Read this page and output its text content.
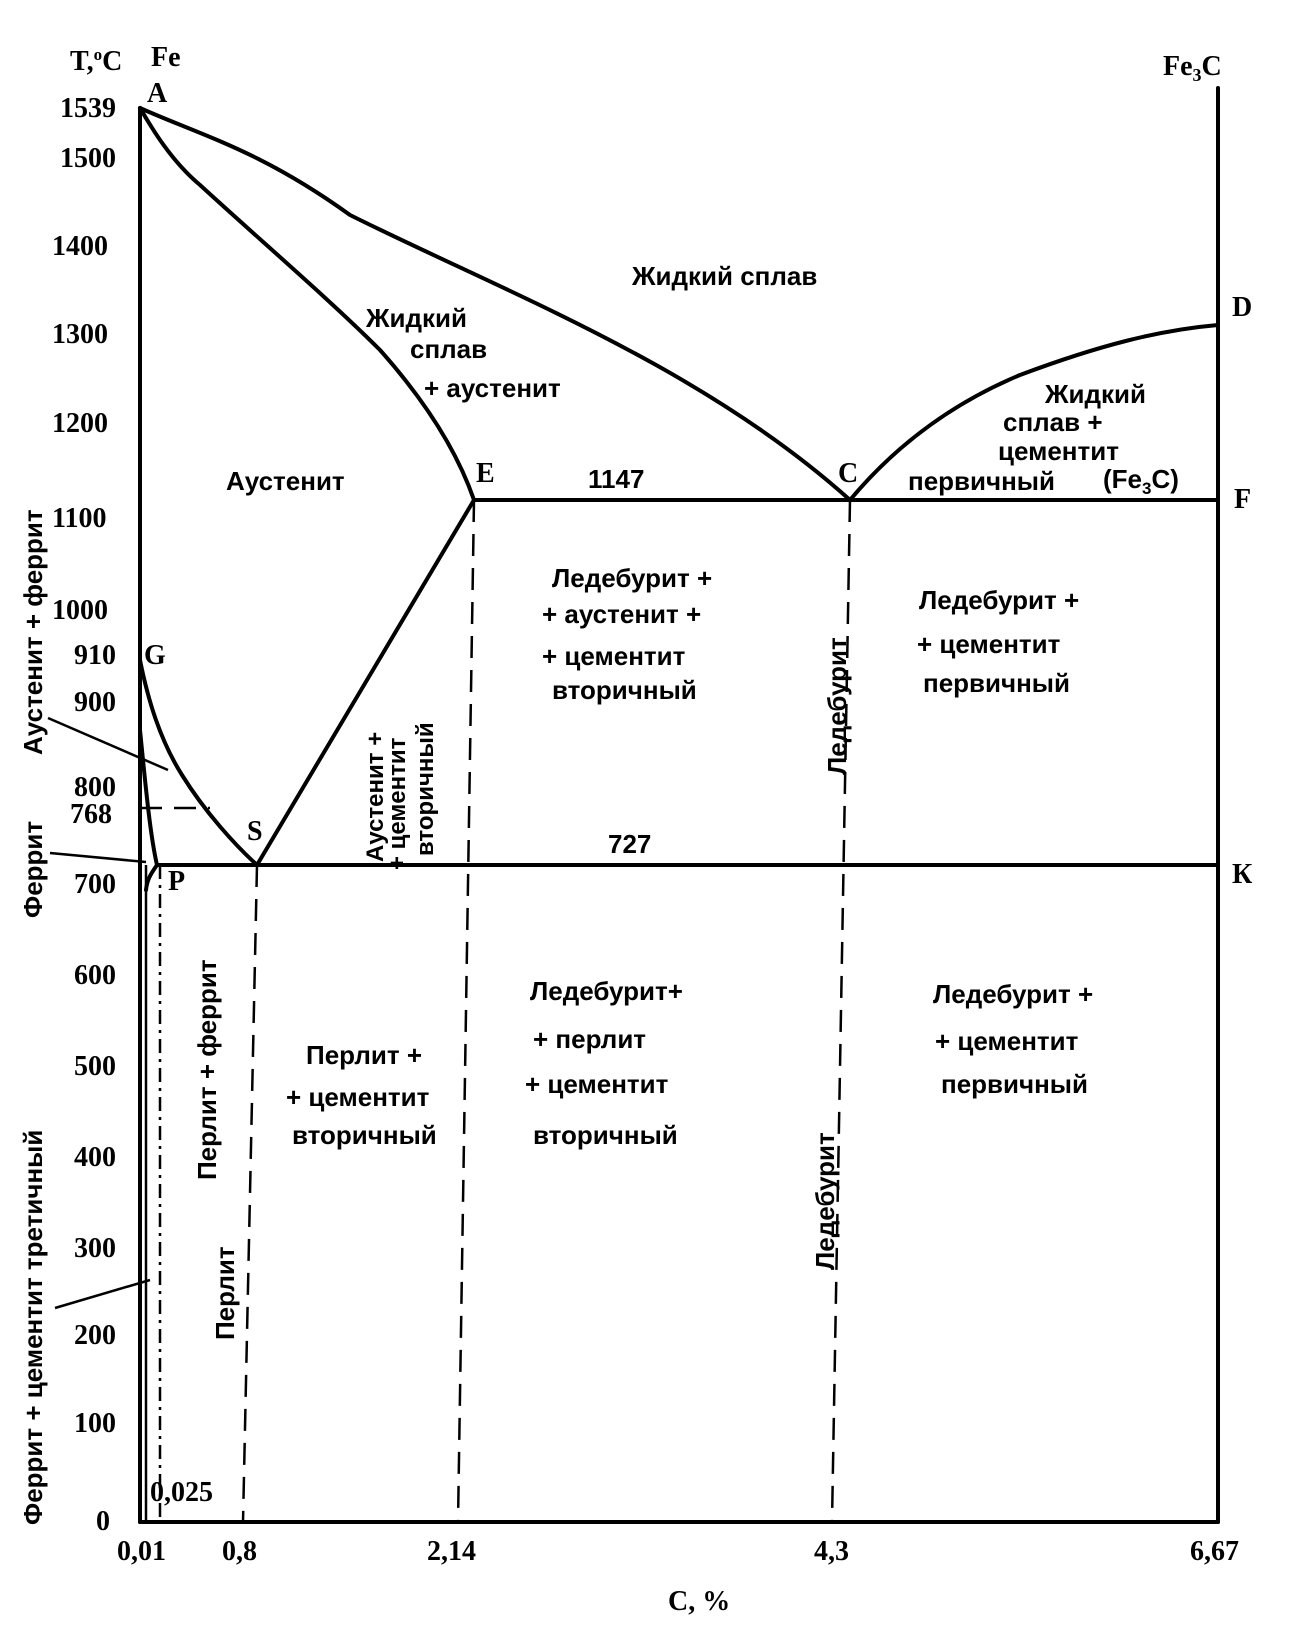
T,$^o$C Fe	$Fe_3C$
C, %
1539
1500
1400
1300
1200
1100
1000
910
900
800
768
700
600
500
400
300
200
100
0
0,01 0,8	2,14	4,3	6,67
0,025
A
G
S
P
E	C
D
F
К
1147
727
Жидкий сплав
Жидкий сплав + аустенит
Аустенит
Жидкий сплав + цементит первичный	$(Fe_3C)$
Ледебурит + + аустенит + + цементит вторичный
Ледебурит + + цементит первичный
Ледебурит+ + перлит + цементит вторичный
Ледебурит + + цементит первичный
Перлит + + цементит вторичный
Ледебурит
Ледебурит
Аустенит + + цементит вторичный
Перлит + феррит
Перлит
Аустенит + феррит
Феррит
Феррит + цементит третичный
